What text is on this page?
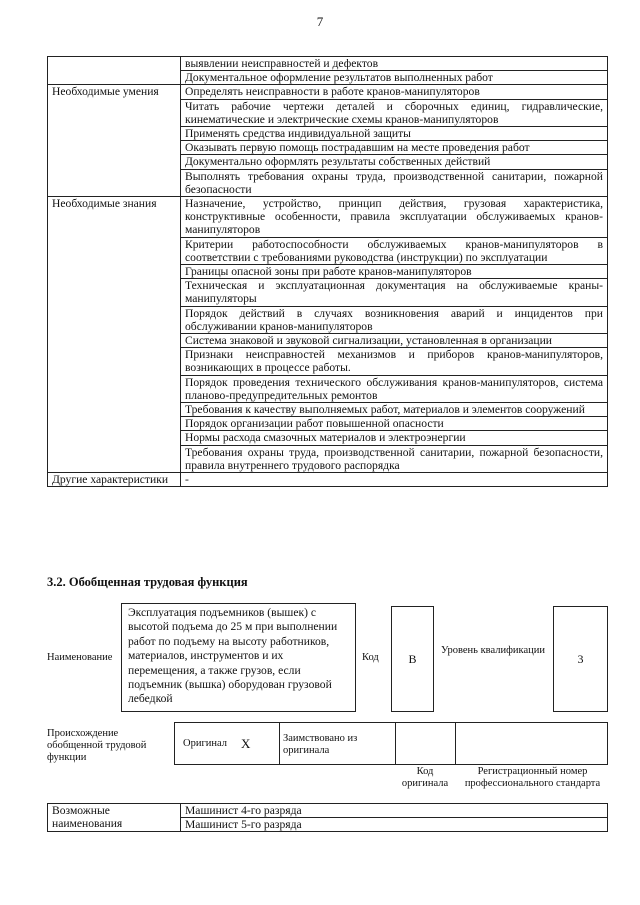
7
	выявлении неисправностей и дефектов
	Документальное оформление результатов выполненных работ
Необходимые умения	Определять неисправности в работе кранов-манипуляторов
	Читать рабочие чертежи деталей и сборочных единиц, гидравлические, кинематические и электрические схемы кранов-манипуляторов
	Применять средства индивидуальной защиты
	Оказывать первую помощь пострадавшим на месте проведения работ
	Документально оформлять результаты собственных действий
	Выполнять требования охраны труда, производственной санитарии, пожарной безопасности
Необходимые знания	Назначение, устройство, принцип действия, грузовая характеристика, конструктивные особенности, правила эксплуатации обслуживаемых кранов-манипуляторов
	Критерии работоспособности обслуживаемых кранов-манипуляторов в соответствии с требованиями руководства (инструкции) по эксплуатации
	Границы опасной зоны при работе кранов-манипуляторов
	Техническая и эксплуатационная документация на обслуживаемые краны-манипуляторы
	Порядок действий в случаях возникновения аварий и инцидентов при обслуживании кранов-манипуляторов
	Система знаковой и звуковой сигнализации, установленная в организации
	Признаки неисправностей механизмов и приборов кранов-манипуляторов, возникающих в процессе работы.
	Порядок проведения технического обслуживания кранов-манипуляторов, система планово-предупредительных ремонтов
	Требования к качеству выполняемых работ, материалов и элементов сооружений
	Порядок организации работ повышенной опасности
	Нормы расхода смазочных материалов и электроэнергии
	Требования охраны труда, производственной санитарии, пожарной безопасности, правила внутреннего трудового распорядка
Другие характеристики	-
3.2. Обобщенная трудовая функция
Наименование
Эксплуатация подъемников (вышек) с высотой подъема до 25 м при выполнении работ по подъему на высоту работников, материалов, инструментов и их перемещения, а также грузов, если подъемник (вышка) оборудован грузовой лебедкой
Код B
Уровень квалификации
3
Происхождение обобщенной трудовой функции
Оригинал X	Заимствовано из оригинала
Код оригинала
Регистрационный номер профессионального стандарта
Возможные наименования	Машинист 4-го разряда
Машинист 5-го разряда
